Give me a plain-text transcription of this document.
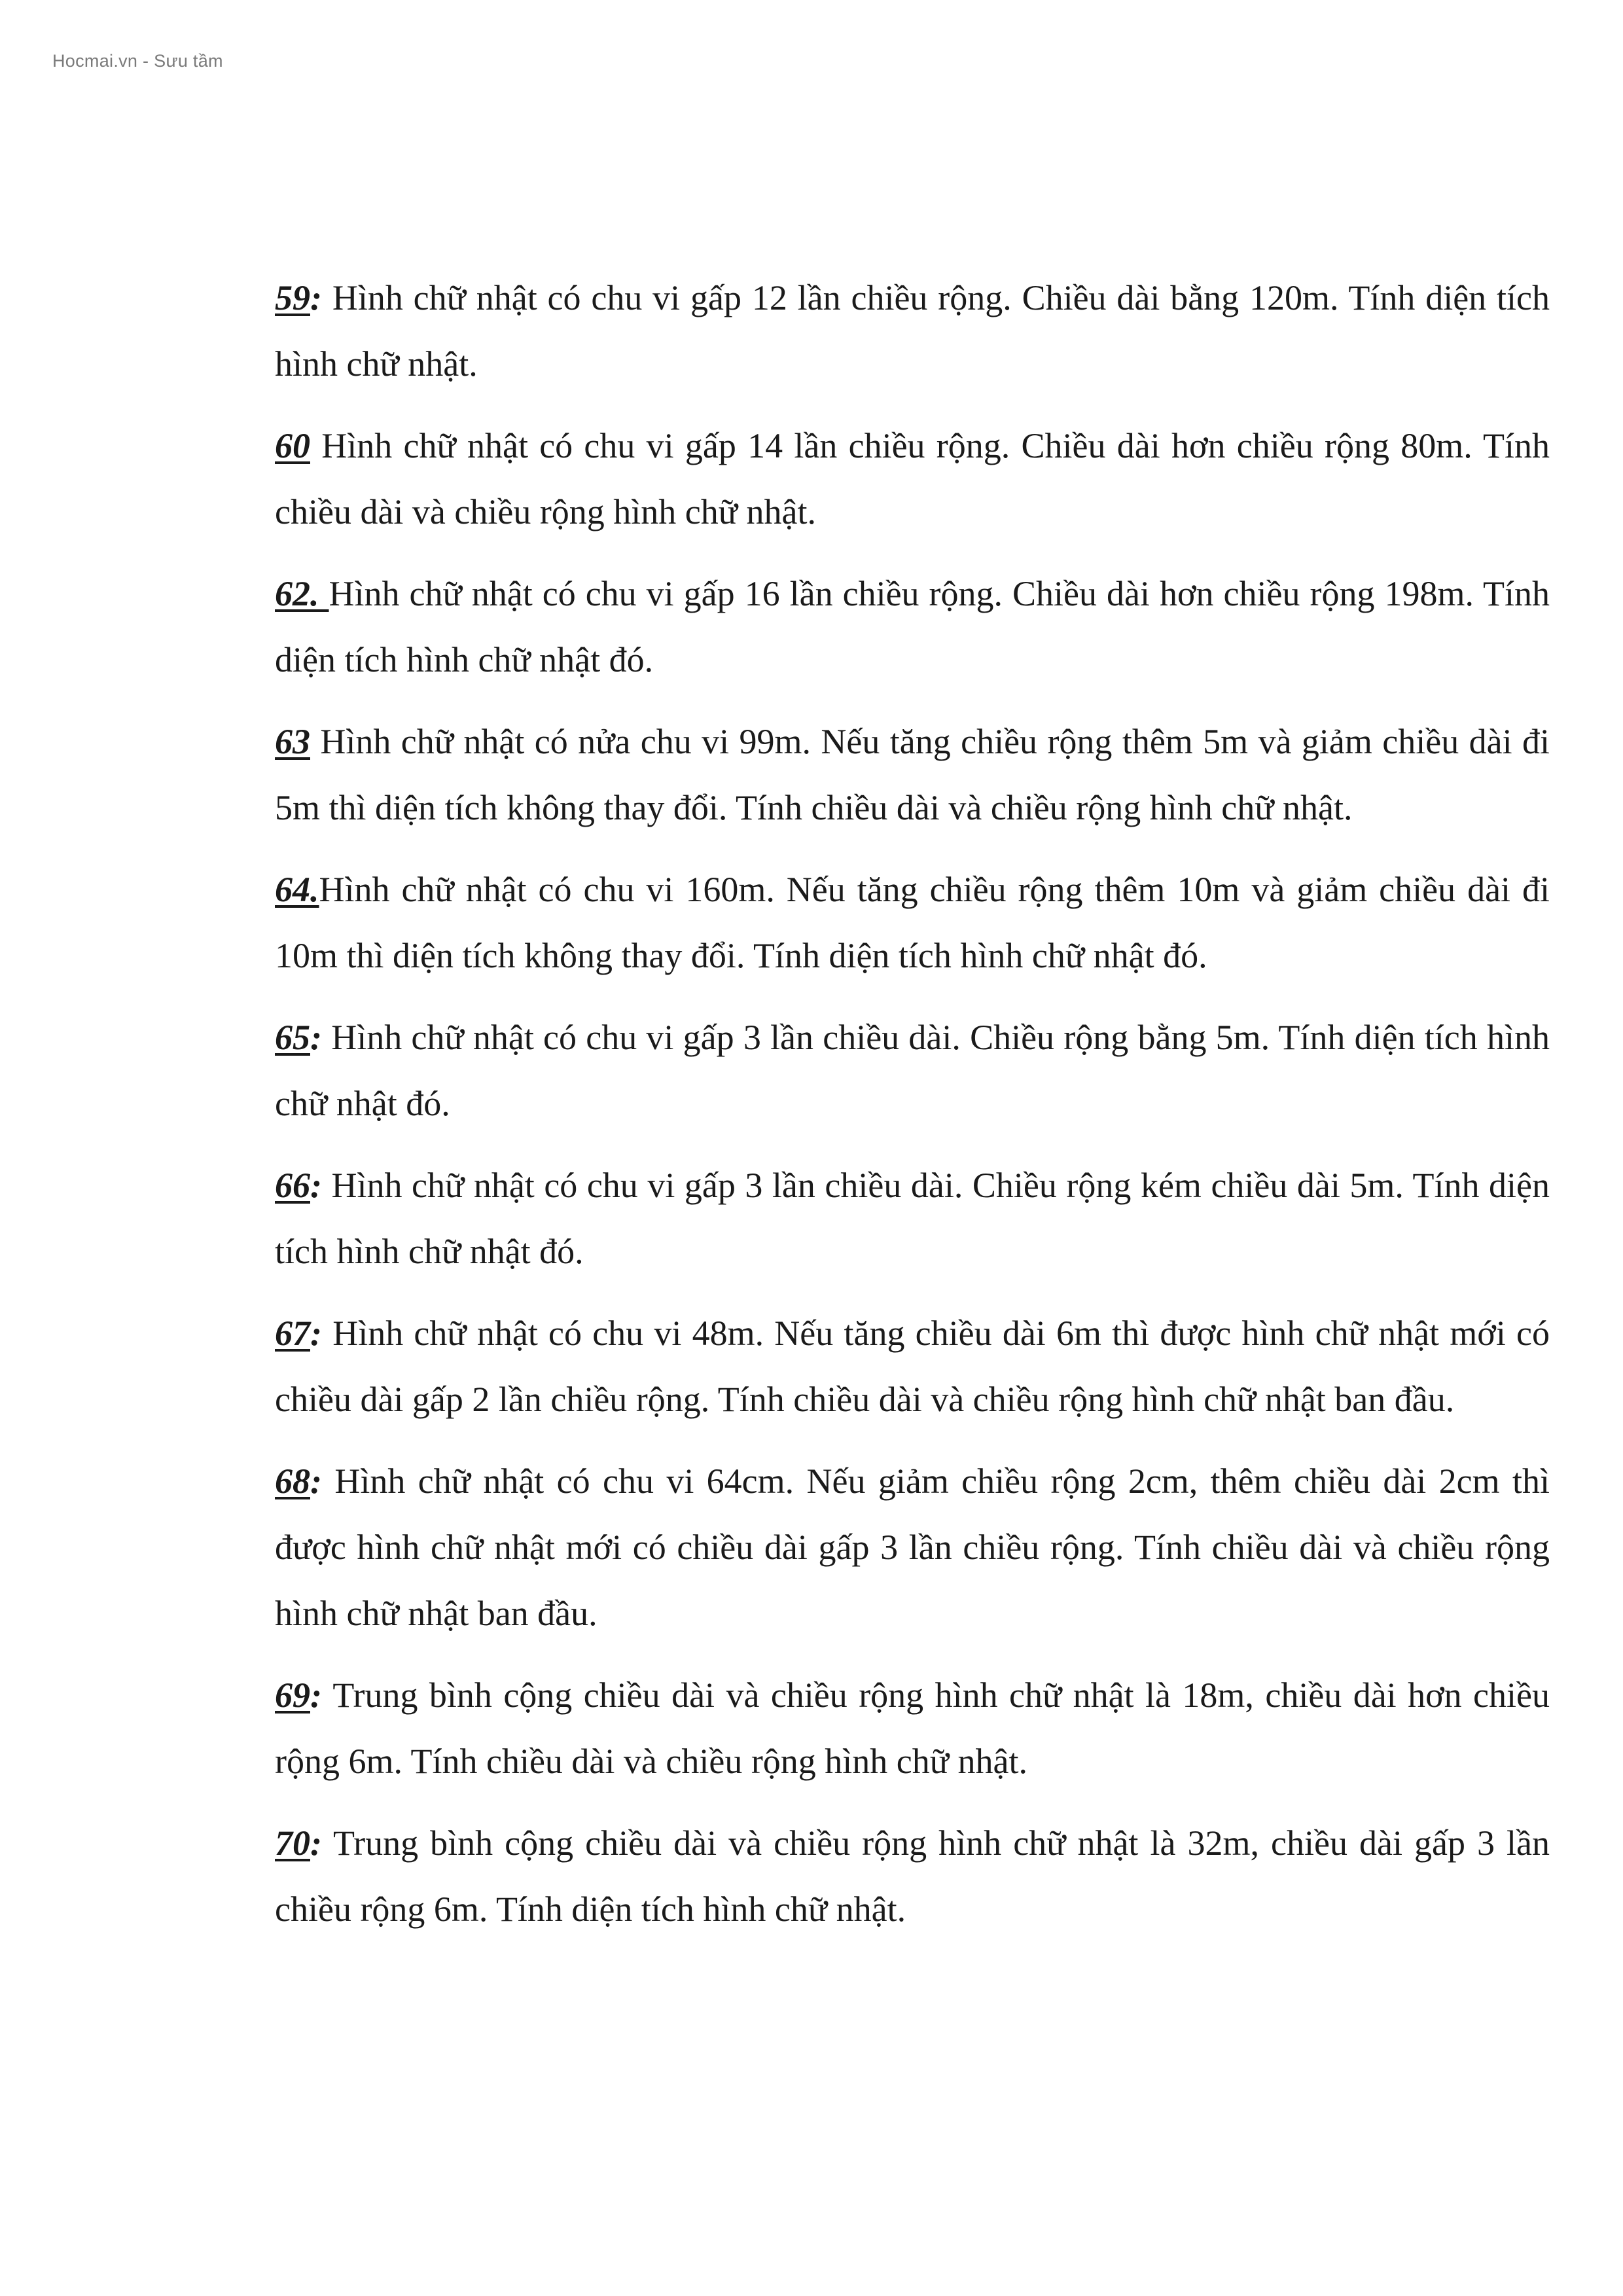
Hocmai.vn - Sưu tầm

59: Hình chữ nhật có chu vi gấp 12 lần chiều rộng. Chiều dài bằng 120m. Tính diện tích hình chữ nhật.

60 Hình chữ nhật có chu vi gấp 14 lần chiều rộng. Chiều dài hơn chiều rộng 80m. Tính chiều dài và chiều rộng hình chữ nhật.

62. Hình chữ nhật có chu vi gấp 16 lần chiều rộng. Chiều dài hơn chiều rộng 198m. Tính diện tích hình chữ nhật đó.

63 Hình chữ nhật có nửa chu vi 99m. Nếu tăng chiều rộng thêm 5m và giảm chiều dài đi 5m thì diện tích không thay đổi. Tính chiều dài và chiều rộng hình chữ nhật.

64.Hình chữ nhật có chu vi 160m. Nếu tăng chiều rộng thêm 10m và giảm chiều dài đi 10m thì diện tích không thay đổi. Tính diện tích hình chữ nhật đó.

65: Hình chữ nhật có chu vi gấp 3 lần chiều dài. Chiều rộng bằng 5m. Tính diện tích hình chữ nhật đó.

66: Hình chữ nhật có chu vi gấp 3 lần chiều dài. Chiều rộng kém chiều dài 5m. Tính diện tích hình chữ nhật đó.

67: Hình chữ nhật có chu vi 48m. Nếu tăng chiều dài 6m thì được hình chữ nhật mới có chiều dài gấp 2 lần chiều rộng. Tính chiều dài và chiều rộng hình chữ nhật ban đầu.

68: Hình chữ nhật có chu vi 64cm. Nếu giảm chiều rộng 2cm, thêm chiều dài 2cm thì được hình chữ nhật mới có chiều dài gấp 3 lần chiều rộng. Tính chiều dài và chiều rộng hình chữ nhật ban đầu.

69: Trung bình cộng chiều dài và chiều rộng hình chữ nhật là 18m, chiều dài hơn chiều rộng 6m. Tính chiều dài và chiều rộng hình chữ nhật.

70: Trung bình cộng chiều dài và chiều rộng hình chữ nhật là 32m, chiều dài gấp 3 lần chiều rộng 6m. Tính diện tích hình chữ nhật.
